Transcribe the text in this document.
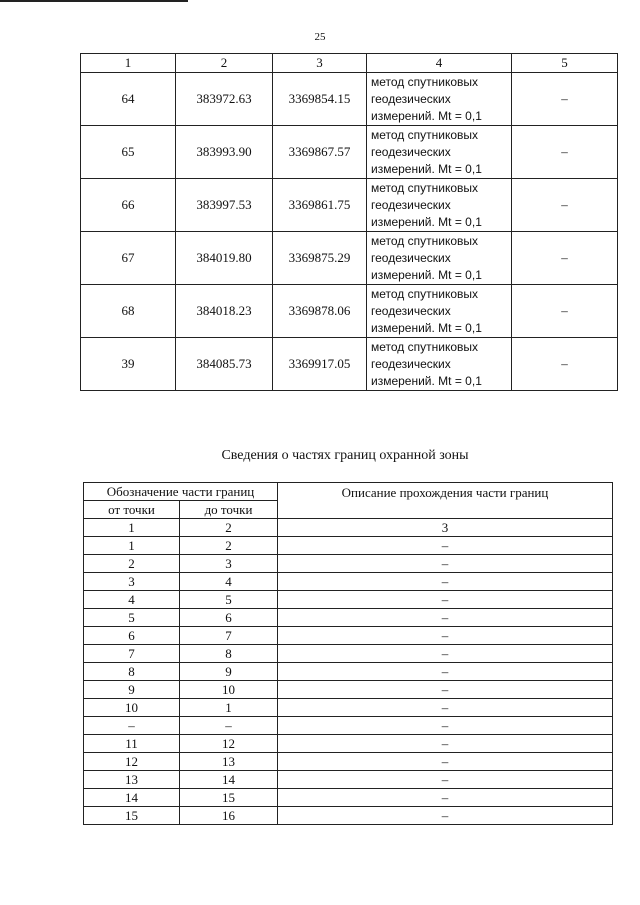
25
1	2	3	4	5
64	383972.63	3369854.15	метод спутниковых
геодезических
измерений. Mt = 0,1	–
65	383993.90	3369867.57	метод спутниковых
геодезических
измерений. Mt = 0,1	–
66	383997.53	3369861.75	метод спутниковых
геодезических
измерений. Mt = 0,1	–
67	384019.80	3369875.29	метод спутниковых
геодезических
измерений. Mt = 0,1	–
68	384018.23	3369878.06	метод спутниковых
геодезических
измерений. Mt = 0,1	–
39	384085.73	3369917.05	метод спутниковых
геодезических
измерений. Mt = 0,1	–
Сведения о частях границ охранной зоны
Обозначение части границ		Описание прохождения части границ
от точки	до точки	
1	2	3
1	2	–
2	3	–
3	4	–
4	5	–
5	6	–
6	7	–
7	8	–
8	9	–
9	10	–
10	1	–
–	–	–
11	12	–
12	13	–
13	14	–
14	15	–
15	16	–
